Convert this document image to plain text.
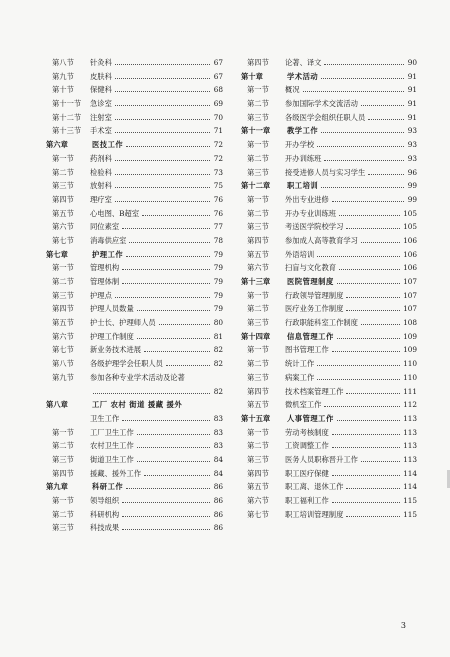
第八节	针灸科	67
第九节	皮肤科	67
第十节	保健科	68
第十一节	急诊室	69
第十二节	注射室	70
第十三节	手术室	71
第六章	医技工作	72
第一节	药剂科	72
第二节	检验科	73
第三节	放射科	75
第四节	理疗室	76
第五节	心电图、B超室	76
第六节	同位素室	77
第七节	消毒供应室	78
第七章	护理工作	79
第一节	管理机构	79
第二节	管理体制	79
第三节	护理点	79
第四节	护理人员数量	79
第五节	护士长、护理师人员	80
第六节	护理工作制度	81
第七节	新业务技术进展	82
第八节	各级护理学会任职人员	82
第九节	参加各种专业学术活动及论著
82
第八章	工厂 农村 街道 援藏 援外
卫生工作	83
第一节	工厂卫生工作	83
第二节	农村卫生工作	83
第三节	街道卫生工作	84
第四节	援藏、援外工作	84
第九章	科研工作	86
第一节	领导组织	86
第二节	科研机构	86
第三节	科技成果	86
第四节	论著、译文	90
第十章	学术活动	91
第一节	概况	91
第二节	参加国际学术交流活动	91
第三节	各级医学会组织任职人员	91
第十一章	教学工作	93
第一节	开办学校	93
第二节	开办训练班	93
第三节	接受进修人员与实习学生	96
第十二章	职工培训	99
第一节	外出专业进修	99
第二节	开办专业训练班	105
第三节	考送医学院校学习	105
第四节	参加成人高等教育学习	106
第五节	外语培训	106
第六节	扫盲与文化教育	106
第十三章	医院管理制度	107
第一节	行政领导管理制度	107
第二节	医疗业务工作制度	107
第三节	行政职能科室工作制度	108
第十四章	信息管理工作	109
第一节	图书管理工作	109
第二节	统计工作	110
第三节	病案工作	110
第四节	技术档案管理工作	111
第五节	微机室工作	112
第十五章	人事管理工作	113
第一节	劳动考核制度	113
第二节	工资调整工作	113
第三节	医务人员职称晋升工作	113
第四节	职工医疗保健	114
第五节	职工离、退休工作	114
第六节	职工福利工作	115
第七节	职工培训管理制度	115
3
